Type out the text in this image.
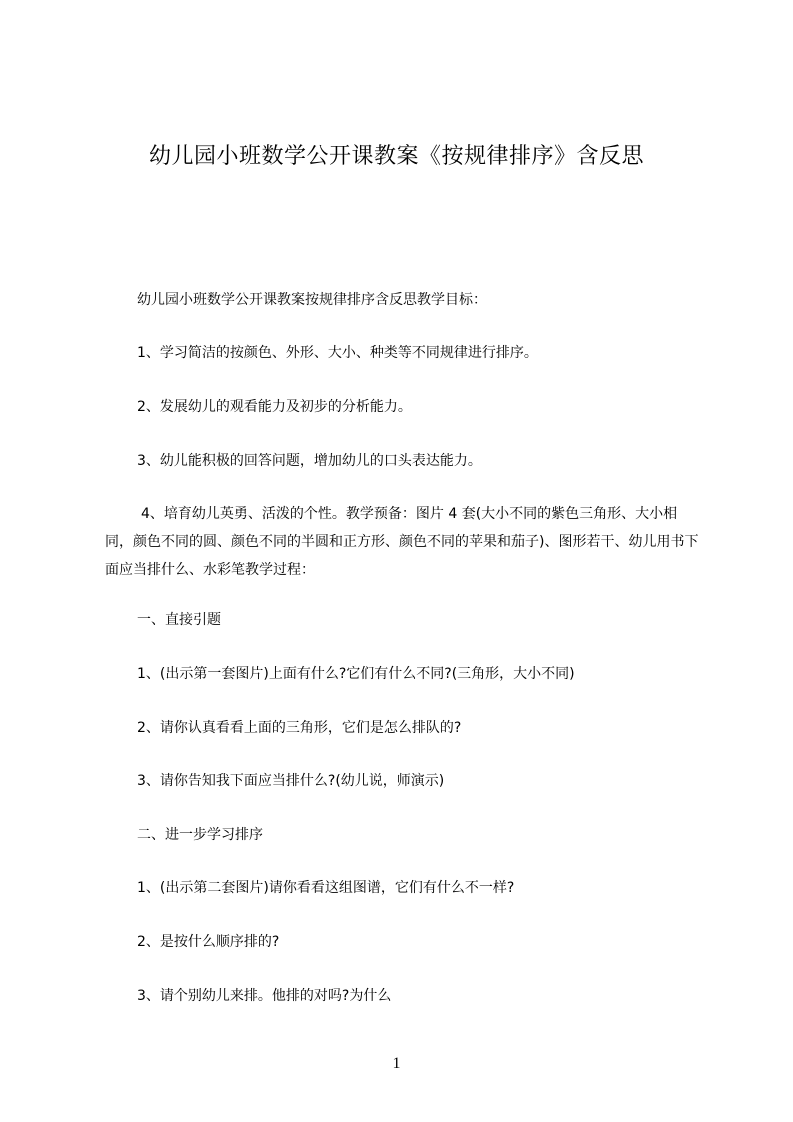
幼儿园小班数学公开课教案《按规律排序》含反思

幼儿园小班数学公开课教案按规律排序含反思教学目标：

1、学习简洁的按颜色、外形、大小、种类等不同规律进行排序。

2、发展幼儿的观看能力及初步的分析能力。

3、幼儿能积极的回答问题，增加幼儿的口头表达能力。

4、培育幼儿英勇、活泼的个性。教学预备：图片 4 套(大小不同的紫色三角形、大小相同，颜色不同的圆、颜色不同的半圆和正方形、颜色不同的苹果和茄子)、图形若干、幼儿用书下面应当排什么、水彩笔教学过程：

一、直接引题

1、(出示第一套图片)上面有什么?它们有什么不同?(三角形，大小不同)

2、请你认真看看上面的三角形，它们是怎么排队的?

3、请你告知我下面应当排什么?(幼儿说，师演示)

二、进一步学习排序

1、(出示第二套图片)请你看看这组图谱，它们有什么不一样?

2、是按什么顺序排的?

3、请个别幼儿来排。他排的对吗?为什么

1
